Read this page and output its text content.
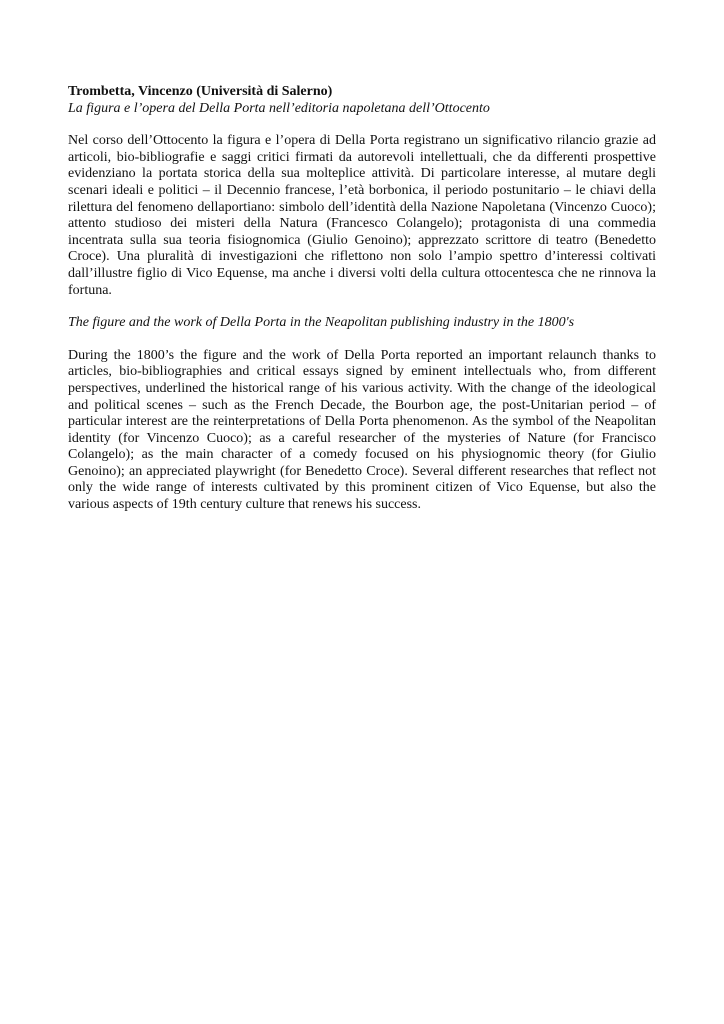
Trombetta, Vincenzo (Università di Salerno)

La figura e l’opera del Della Porta nell’editoria napoletana dell’Ottocento

Nel corso dell’Ottocento la figura e l’opera di Della Porta registrano un significativo rilancio grazie ad articoli, bio-bibliografie e saggi critici firmati da autorevoli intellettuali, che da differenti prospettive evidenziano la portata storica della sua molteplice attività. Di particolare interesse, al mutare degli scenari ideali e politici – il Decennio francese, l’età borbonica, il periodo postunitario – le chiavi della rilettura del fenomeno dellaportiano: simbolo dell’identità della Nazione Napoletana (Vincenzo Cuoco); attento studioso dei misteri della Natura (Francesco Colangelo); protagonista di una commedia incentrata sulla sua teoria fisiognomica (Giulio Genoino); apprezzato scrittore di teatro (Benedetto Croce). Una pluralità di investigazioni che riflettono non solo l’ampio spettro d’interessi coltivati dall’illustre figlio di Vico Equense, ma anche i diversi volti della cultura ottocentesca che ne rinnova la fortuna.

The figure and the work of Della Porta in the Neapolitan publishing industry in the 1800's

During the 1800’s the figure and the work of Della Porta reported an important relaunch thanks to articles, bio-bibliographies and critical essays signed by eminent intellectuals who, from different perspectives, underlined the historical range of his various activity. With the change of the ideological and political scenes – such as the French Decade, the Bourbon age, the post-Unitarian period – of particular interest are the reinterpretations of Della Porta phenomenon. As the symbol of the Neapolitan identity (for Vincenzo Cuoco); as a careful researcher of the mysteries of Nature (for Francisco Colangelo); as the main character of a comedy focused on his physiognomic theory (for Giulio Genoino); an appreciated playwright (for Benedetto Croce). Several different researches that reflect not only the wide range of interests cultivated by this prominent citizen of Vico Equense, but also the various aspects of 19th century culture that renews his success.
